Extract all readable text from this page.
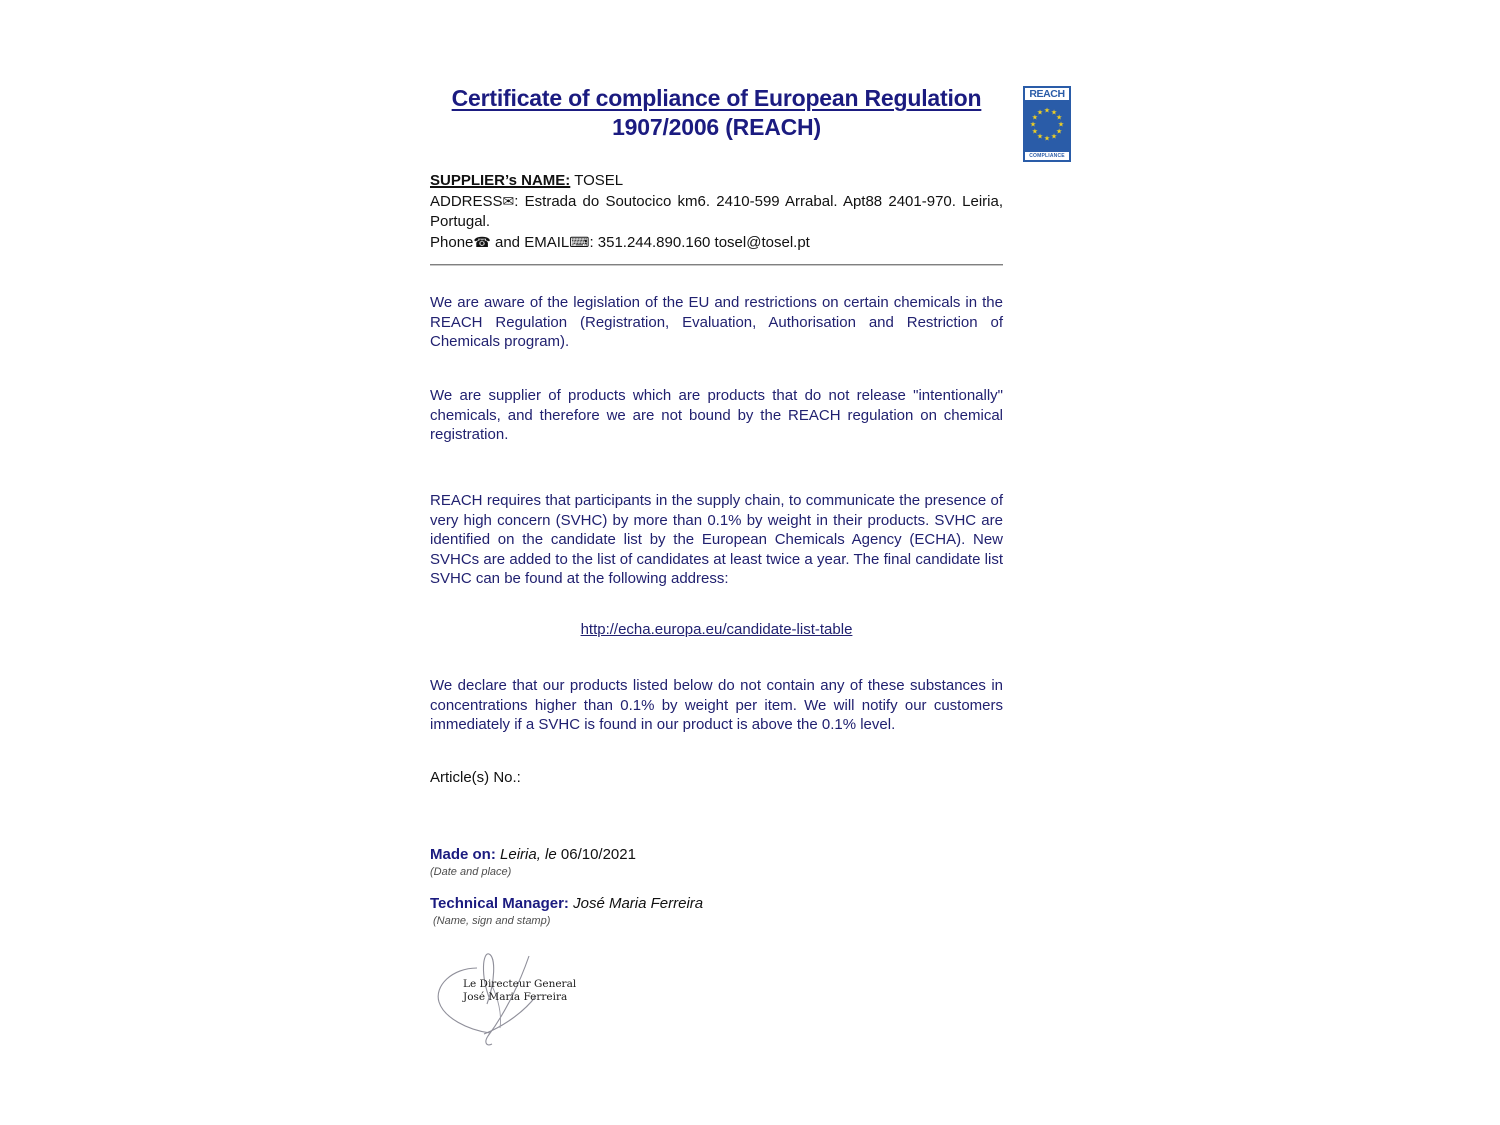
REACH
★ ★
★
★
★
★
★
★
★
★
★
★
COMPLIANCE
Certificate of compliance of European Regulation
1907/2006 (REACH)
SUPPLIER’s NAME: TOSEL
ADDRESS✉: Estrada do Soutocico km6. 2410-599 Arrabal. Apt88 2401-970. Leiria, Portugal.
Phone☎ and EMAIL⌨: 351.244.890.160 tosel@tosel.pt
We are aware of the legislation of the EU and restrictions on certain chemicals in the REACH Regulation (Registration, Evaluation, Authorisation and Restriction of Chemicals program).
We are supplier of products which are products that do not release "intentionally" chemicals, and therefore we are not bound by the REACH regulation on chemical registration.
REACH requires that participants in the supply chain, to communicate the presence of very high concern (SVHC) by more than 0.1% by weight in their products. SVHC are identified on the candidate list by the European Chemicals Agency (ECHA). New SVHCs are added to the list of candidates at least twice a year. The final candidate list SVHC can be found at the following address:
http://echa.europa.eu/candidate-list-table
We declare that our products listed below do not contain any of these substances in concentrations higher than 0.1% by weight per item. We will notify our customers immediately if a SVHC is found in our product is above the 0.1% level.
Article(s) No.:
Made on: Leiria, le 06/10/2021
(Date and place)
Technical Manager: José Maria Ferreira
(Name, sign and stamp)
Le Directeur General
José Maria Ferreira
